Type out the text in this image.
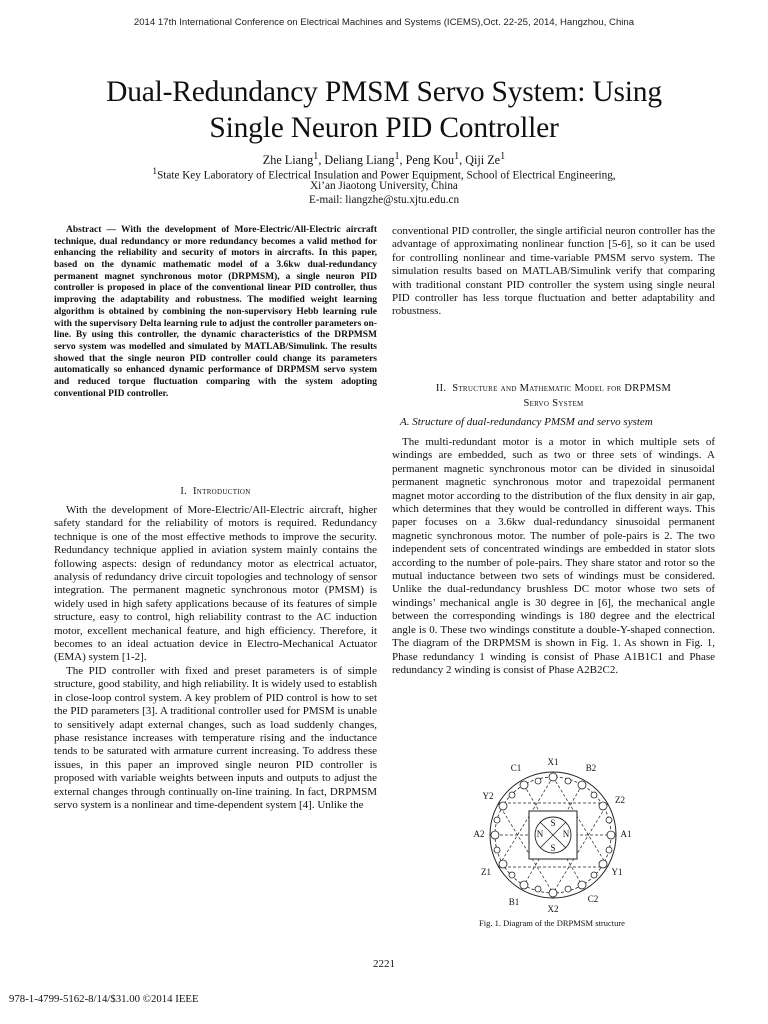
2014 17th International Conference on Electrical Machines and Systems (ICEMS),Oct. 22-25, 2014, Hangzhou, China
Dual-Redundancy PMSM Servo System: Using
Single Neuron PID Controller
Zhe Liang$^1$, Deliang Liang$^1$, Peng Kou$^1$, Qiji Ze$^1$
$^1$State Key Laboratory of Electrical Insulation and Power Equipment, School of Electrical Engineering,
Xi’an Jiaotong University, China
E-mail: liangzhe@stu.xjtu.edu.cn
Abstract — With the development of More-Electric/All-Electric aircraft technique, dual redundancy or more redundancy becomes a valid method for enhancing the reliability and security of motors in aircrafts. In this paper, based on the dynamic mathematic model of a 3.6kw dual-redundancy permanent magnet synchronous motor (DRPMSM), a single neuron PID controller is proposed in place of the conventional linear PID controller, thus improving the adaptability and robustness. The modified weight learning algorithm is obtained by combining the non-supervisory Hebb learning rule with the supervisory Delta learning rule to adjust the controller parameters on-line. By using this controller, the dynamic characteristics of the DRPMSM servo system was modelled and simulated by MATLAB/Simulink. The results showed that the single neuron PID controller could change its parameters automatically so enhanced dynamic performance of DRPMSM servo system and reduced torque fluctuation comparing with the system adopting conventional PID controller.
I. Introduction

With the development of More-Electric/All-Electric aircraft, higher safety standard for the reliability of motors is required. Redundancy technique is one of the most effective methods to improve the security. Redundancy technique applied in aviation system mainly contains the following aspects: design of redundancy motor as electrical actuator, analysis of redundancy drive circuit topologies and technology of sensor integration. The permanent magnetic synchronous motor (PMSM) is widely used in high safety applications because of its features of simple structure, easy to control, high reliability contrast to the AC induction motor, excellent mechanical feature, and high efficiency. Therefore, it becomes to an ideal actuation device in Electro-Mechanical Actuator (EMA) system [1-2].

The PID controller with fixed and preset parameters is of simple structure, good stability, and high reliability. It is widely used to establish in close-loop control system. A key problem of PID control is how to set the PID parameters [3]. A traditional controller used for PMSM is unable to sensitively adapt external changes, such as load suddenly changes, phase resistance increases with temperature rising and the inductance tends to be saturated with armature current increasing. To address these issues, in this paper an improved single neuron PID controller is proposed with variable weights between inputs and outputs to adjust the external changes through continually on-line training. In fact, DRPMSM servo system is a nonlinear and time-dependent system [4]. Unlike the

conventional PID controller, the single artificial neuron controller has the advantage of approximating nonlinear function [5-6], so it can be used for controlling nonlinear and time-variable PMSM servo system. The simulation results based on MATLAB/Simulink verify that comparing with traditional constant PID controller the system using single neural PID controller has less torque fluctuation and better adaptability and robustness.
II. Structure and Mathematic Model for DRPMSM
Servo System
A. Structure of dual-redundancy PMSM and servo system

The multi-redundant motor is a motor in which multiple sets of windings are embedded, such as two or three sets of windings. A permanent magnetic synchronous motor can be divided in sinusoidal permanent magnetic synchronous motor and trapezoidal permanent magnet motor according to the distribution of the flux density in air gap, which determines that they would be controlled in different ways. This paper focuses on a 3.6kw dual-redundancy sinusoidal permanent magnetic synchronous motor. The number of pole-pairs is 2. The two independent sets of concentrated windings are embedded in stator slots according to the number of pole-pairs. They share stator and rotor so the mutual inductance between two sets of windings must be considered. Unlike the dual-redundancy brushless DC motor whose two sets of windings’ mechanical angle is 30 degree in [6], the mechanical angle between the corresponding windings is 180 degree and the electrical angle is 0. These two windings constitute a double-Y-shaped connection. The diagram of the DRPMSM is shown in Fig. 1. As shown in Fig. 1, Phase redundancy 1 winding is consist of Phase A1B1C1 and Phase redundancy 2 winding is consist of Phase A2B2C2.

S
N
S
N
X1
B2
C1
Y2	Z2
A2	A1
Z1	Y1
B1	C2
X2
Fig. 1. Diagram of the DRPMSM structure
2221
978-1-4799-5162-8/14/$31.00 ©2014 IEEE
